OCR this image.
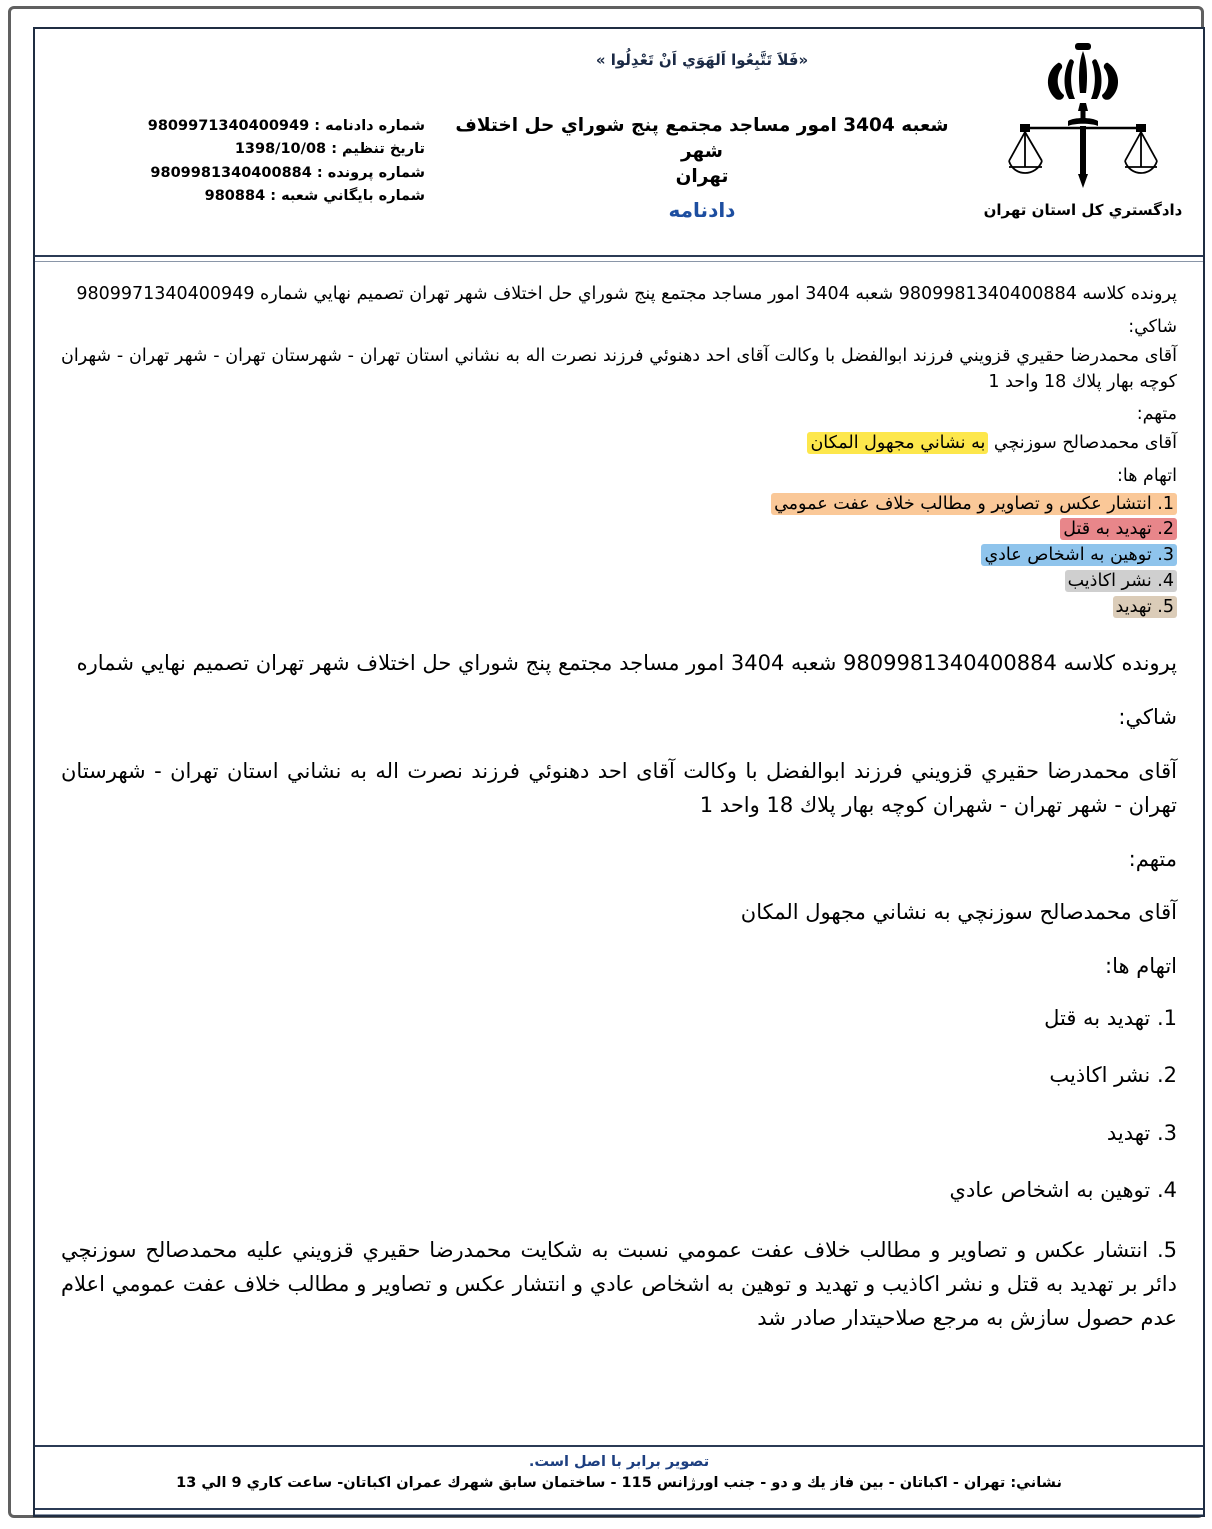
دادگستري كل استان تهران
«فَلاَ تَتَّبِعُوا اَلهَوَي اَنْ تَعْدِلُوا »
شعبه 3404 امور مساجد مجتمع پنج شوراي حل اختلاف شهر
تهران
دادنامه
شماره دادنامه : 9809971340400949
تاريخ تنظيم : 1398/10/08
شماره پرونده : 9809981340400884
شماره بايگاني شعبه : 980884

پرونده كلاسه 9809981340400884 شعبه 3404 امور مساجد مجتمع پنج شوراي حل اختلاف شهر تهران تصميم نهايي شماره 9809971340400949

شاكي:

آقای محمدرضا حقيري قزويني فرزند ابوالفضل با وكالت آقای احد دهنوئي فرزند نصرت اله به نشاني استان تهران - شهرستان تهران - شهر تهران - شهران كوچه بهار پلاك 18 واحد 1

متهم:

آقای محمدصالح سوزنچي به نشاني مجهول المكان

اتهام ها:

1. انتشار عكس و تصاوير و مطالب خلاف عفت عمومي
2. تهديد به قتل
3. توهين به اشخاص عادي
4. نشر اكاذيب
5. تهديد

پرونده كلاسه 9809981340400884 شعبه 3404 امور مساجد مجتمع پنج شوراي حل اختلاف شهر تهران تصميم نهايي شماره

شاكي:

آقای محمدرضا حقيري قزويني فرزند ابوالفضل با وكالت آقای احد دهنوئي فرزند نصرت اله به نشاني استان تهران - شهرستان تهران - شهر تهران - شهران كوچه بهار پلاك 18 واحد 1

متهم:

آقای محمدصالح سوزنچي به نشاني مجهول المكان

اتهام ها:

1. تهديد به قتل
2. نشر اكاذيب
3. تهديد
4. توهين به اشخاص عادي
5. انتشار عكس و تصاوير و مطالب خلاف عفت عمومي نسبت به شكايت محمدرضا حقيري قزويني عليه محمدصالح سوزنچي دائر بر تهديد به قتل و نشر اكاذيب و تهديد و توهين به اشخاص عادي و انتشار عكس و تصاوير و مطالب خلاف عفت عمومي اعلام عدم حصول سازش به مرجع صلاحيتدار صادر شد
تصوير برابر با اصل است.
نشاني: تهران - اكباتان - بين فاز يك و دو - جنب اورژانس 115 - ساختمان سابق شهرك عمران اكباتان- ساعت كاري 9 الي 13
